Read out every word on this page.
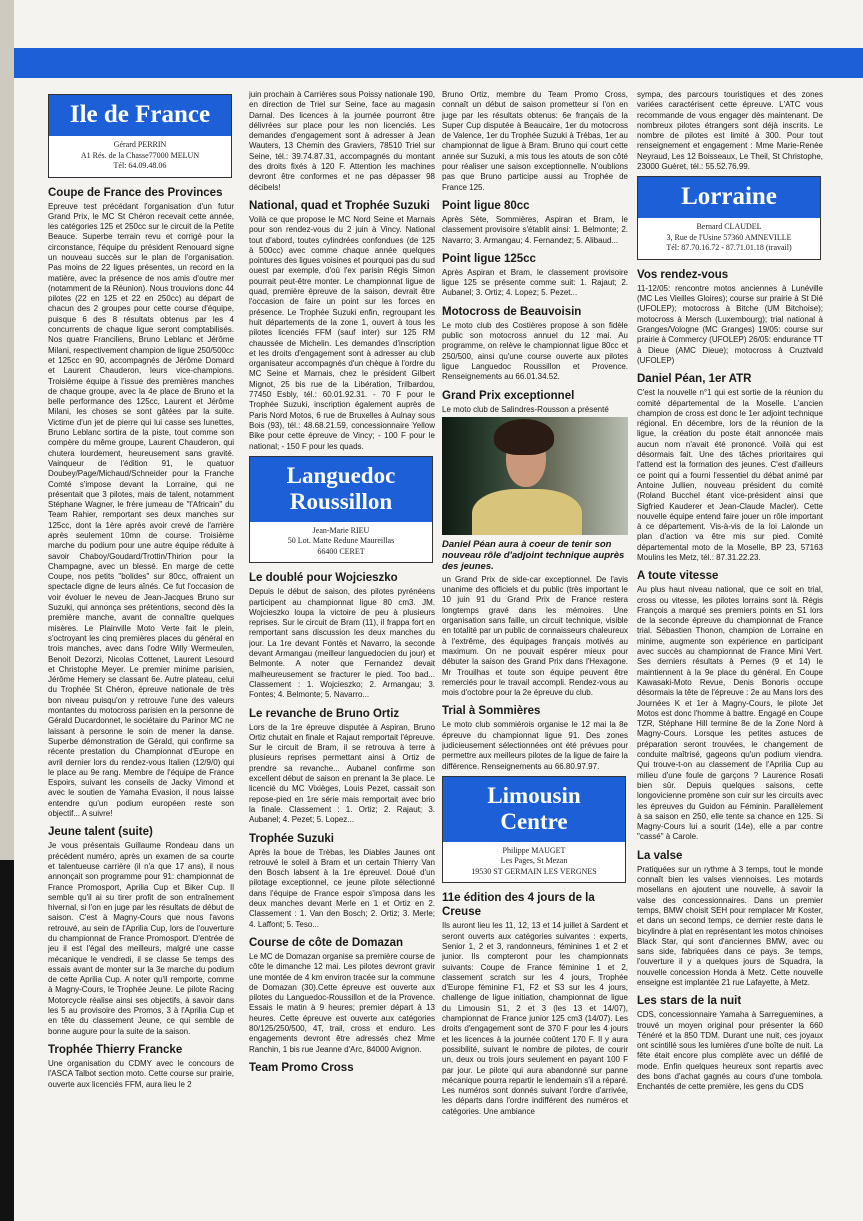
Ile de France
Gérard PERRIN
A1 Rés. de la Chasse77000 MELUN
Tél: 64.09.48.06
Coupe de France des Provinces

Epreuve test précédant l'organisation d'un futur Grand Prix, le MC St Chéron recevait cette année, les catégories 125 et 250cc sur le circuit de la Petite Beauce. Superbe terrain revu et corrigé pour la circonstance, l'équipe du président Renouard signe un nouveau succès sur le plan de l'organisation. Pas moins de 22 ligues présentes, un record en la matière, avec la présence de nos amis d'outre mer (notamment de la Réunion). Nous trouvions donc 44 pilotes (22 en 125 et 22 en 250cc) au départ de chacun des 2 groupes pour cette course d'équipe, puisque 6 des 8 résultats obtenus par les 4 concurrents de chaque ligue seront comptabilisés. Nos quatre Franciliens, Bruno Leblanc et Jérôme Milani, respectivement champion de ligue 250/500cc et 125cc en 90, accompagnés de Jérôme Domard et Laurent Chauderon, leurs vice-champions. Troisième équipe à l'issue des premières manches de chaque groupe, avec la 4e place de Bruno et la belle performance des 125cc, Laurent et Jérôme Milani, les choses se sont gâtées par la suite. Victime d'un jet de pierre qui lui casse ses lunettes, Bruno Leblanc sortira de la piste, tout comme son compère du même groupe, Laurent Chauderon, qui chutera lourdement, heureusement sans gravité. Vainqueur de l'édition 91, le quatuor Doubey/Page/Michaud/Schneider pour la Franche Comté s'impose devant la Lorraine, qui ne présentait que 3 pilotes, mais de talent, notamment Stéphane Wagner, le frère jumeau de "l'Africain" du Team Rahier, remportant ses deux manches sur 125cc, dont la 1ère après avoir crevé de l'arrière après seulement 10mn de course. Troisième marche du podium pour une autre équipe réduite à savoir Chaboy/Goudard/Trottin/Thirion pour la Champagne, avec un blessé. En marge de cette Coupe, nos petits "bolides" sur 80cc, offraient un spectacle digne de leurs aînés. Ce fut l'occasion de voir évoluer le neveu de Jean-Jacques Bruno sur Suzuki, qui annonça ses prétentions, second dès la première manche, avant de connaître quelques misères. Le Plainville Moto Verte fait le plein, s'octroyant les cinq premières places du général en trois manches, avec dans l'odre Willy Wermeulen, Benoit Dezorzi, Nicolas Cottenet, Laurent Lesourd et Christophe Meyer. Le premier minime parisien, Jérôme Hemery se classant 6e. Autre plateau, celui du Trophée St Chéron, épreuve nationale de très bon niveau puisqu'on y retrouve l'une des valeurs montantes du motocross parisien en la personne de Gérald Ducardonnet, le sociétaire du Parinor MC ne laissant à personne le soin de mener la danse. Superbe démonstration de Gérald, qui confirme sa récente prestation du Championnat d'Europe en avril dernier lors du rendez-vous Italien (12/9/0) qui le place au 9e rang. Membre de l'équipe de France Espoirs, suivant les conseils de Jacky Vimond et avec le soutien de Yamaha Evasion, il nous laisse entendre qu'un podium européen reste son objectif... A suivre!

Jeune talent (suite)

Je vous présentais Guillaume Rondeau dans un précédent numéro, après un examen de sa courte et talentueuse carrière (il n'a que 17 ans), il nous annonçait son programme pour 91: championnat de France Promosport, Aprilia Cup et Biker Cup. Il semble qu'il ai su tirer profit de son entraînement hivernal, si l'on en juge par les résultats de début de saison. C'est à Magny-Cours que nous l'avons retrouvé, au sein de l'Aprilia Cup, lors de l'ouverture du championnat de France Promosport. D'entrée de jeu il est l'égal des meilleurs, malgré une casse mécanique le vendredi, il se classe 5e temps des essais avant de monter sur la 3e marche du podium de cette Aprilia Cup. A noter qu'il remporte, comme à Magny-Cours, le Trophée Jeune. Le pilote Racing Motorcycle réalise ainsi ses objectifs, à savoir dans les 5 au provisoire des Promos, 3 à l'Aprilia Cup et en tête du classement Jeune, ce qui semble de bonne augure pour la suite de la saison.

Trophée Thierry Francke

Une organisation du CDMY avec le concours de l'ASCA Talbot section moto. Cette course sur prairie, ouverte aux licenciés FFM, aura lieu le 2

juin prochain à Carrières sous Poissy nationale 190, en direction de Triel sur Seine, face au magasin Darnal. Des licences à la journée pourront être délivrées sur place pour les non licenciés. Les demandes d'engagement sont à adresser à Jean Wauters, 13 Chemin des Graviers, 78510 Triel sur Seine, tél.: 39.74.87.31, accompagnés du montant des droits fixés à 120 F. Attention les machines devront être conformes et ne pas dépasser 98 décibels!

National, quad et Trophée Suzuki

Voilà ce que propose le MC Nord Seine et Marnais pour son rendez-vous du 2 juin à Vincy. National tout d'abord, toutes cylindrées confondues (de 125 à 500cc) avec comme chaque année quelques pointures des ligues voisines et pourquoi pas du sud ouest par exemple, d'où l'ex parisin Régis Simon pourrait peut-être monter. Le championnat ligue de quad, première épreuve de la saison, devrait être l'occasion de faire un point sur les forces en présence. Le Trophée Suzuki enfin, regroupant les huit départements de la zone 1, ouvert à tous les pilotes licenciés FFM (sauf inter) sur 125 RM chaussée de Michelin. Les demandes d'inscription et les droits d'engagement sont à adresser au club organisateur accompagnés d'un chèque à l'ordre du MC Seine et Marnais, chez le président Gilbert Mignot, 25 bis rue de la Libération, Trilbardou, 77450 Esbly, tél.: 60.01.92.31. - 70 F pour le Trophée Suzuki, inscription également auprès de Paris Nord Motos, 6 rue de Bruxelles à Aulnay sous Bois (93), tél.: 48.68.21.59, concessionnaire Yellow Bike pour cette épreuve de Vincy; - 100 F pour le national; - 150 F pour les quads.

Languedoc
Roussillon
Jean-Marie RIEU
50 Lot. Matte Redune Maureillas
66400 CERET
Le doublé pour Wojcieszko

Depuis le début de saison, des pilotes pyrénéens participent au championnat ligue 80 cm3. JM. Wojcieszko loupa la victoire de peu à plusieurs reprises. Sur le circuit de Bram (11), il frappa fort en remportant sans discussion les deux manches du jour. La 1re devant Fontès et Navarro, la seconde devant Armangau (meilleur languedocien du jour) et Belmonte. A noter que Fernandez devait malheureusement se fracturer le pied. Too bad... Classement : 1. Wojcieszko; 2. Armangau; 3. Fontes; 4. Belmonte; 5. Navarro...

Le revanche de Bruno Ortiz

Lors de la 1re épreuve disputée à Aspiran, Bruno Ortiz chutait en finale et Rajaut remportait l'épreuve. Sur le circuit de Bram, il se retrouva à terre à plusieurs reprises permettant ainsi à Ortiz de prendre sa revanche... Aubanel confirme son excellent début de saison en prenant la 3e place. Le licencié du MC Vixièges, Louis Pezet, cassait son repose-pied en 1re série mais remportait avec brio la finale. Classement : 1. Ortiz; 2. Rajaut; 3. Aubanel; 4. Pezet; 5. Lopez...

Trophée Suzuki

Après la boue de Trèbas, les Diables Jaunes ont retrouvé le soleil à Bram et un certain Thierry Van den Bosch labsent à la 1re épreuvel. Doué d'un pilotage exceptionnel, ce jeune pilote sélectionné dans l'équipe de France espoir s'imposa dans les deux manches devant Merle en 1 et Ortiz en 2. Classement : 1. Van den Bosch; 2. Ortiz; 3. Merle; 4. Laffont; 5. Teso...

Course de côte de Domazan

Le MC de Domazan organise sa première course de côte le dimanche 12 mai. Les pilotes devront gravir une montée de 4 km environ tracée sur la commune de Domazan (30).Cette épreuve est ouverte aux pilotes du Languedoc-Roussillon et de la Provence. Essais le matin à 9 heures; premier départ à 13 heures. Cette épreuve est ouverte aux catégories 80/125/250/500, 4T, trail, cross et enduro. Les engagements devront être adressés chez Mme Ranchin, 1 bis rue Jeanne d'Arc, 84000 Avignon.

Team Promo Cross

Bruno Ortiz, membre du Team Promo Cross, connaît un début de saison prometteur si l'on en juge par les résultats obtenus: 6e français de la Super Cup disputée à Beaucaire, 1er du motocross de Valence, 1er du Trophée Suzuki à Trébas, 1er au championnat de ligue à Bram. Bruno qui court cette année sur Suzuki, a mis tous les atouts de son côté pour réaliser une saison exceptionnelle. N'oublions pas que Bruno participe aussi au Trophée de France 125.

Point ligue 80cc

Après Sète, Sommières, Aspiran et Bram, le classement provisoire s'établit ainsi: 1. Belmonte; 2. Navarro; 3. Armangau; 4. Fernandez; 5. Alibaud...

Point ligue 125cc

Après Aspiran et Bram, le classement provisoire ligue 125 se présente comme suit: 1. Rajaut; 2. Aubanel; 3. Ortiz; 4. Lopez; 5. Pezet...

Motocross de Beauvoisin

Le moto club des Costières propose à son fidèle public son motocross annuel du 12 mai. Au programme, on relève le championnat ligue 80cc et 250/500, ainsi qu'une course ouverte aux pilotes ligue Languedoc Roussillon et Provence. Renseignements au 66.01.34.52.

Grand Prix exceptionnel

Le moto club de Salindres-Rousson a présenté

Daniel Péan aura à coeur de tenir son nouveau rôle d'adjoint technique auprès des jeunes.

un Grand Prix de side-car exceptionnel. De l'avis unanime des officiels et du public (très important le 10 juin 91 du Grand Prix de France restera longtemps gravé dans les mémoires. Une organisation sans faille, un circuit technique, visible en totalité par un public de connaisseurs chaleureux à l'extrême, des équipages français motivés au maximum. On ne pouvait espérer mieux pour débuter la saison des Grand Prix dans l'Hexagone. Mr Trouilhas et toute son équipe peuvent être remerciés pour le travail accompli. Rendez-vous au mois d'octobre pour la 2e épreuve du club.

Trial à Sommières

Le moto club sommiérois organise le 12 mai la 8e épreuve du championnat ligue 91. Des zones judicieusement sélectionnées ont été prévues pour permettre aux meilleurs pilotes de la ligue de faire la différence. Renseignements au 66.80.97.97.

Limousin
Centre
Philippe MAUGET
Les Pages, St Mezan
19530 ST GERMAIN LES VERGNES
11e édition des 4 jours de la Creuse

Ils auront lieu les 11, 12, 13 et 14 juillet à Sardent et seront ouverts aux catégories suivantes : experts, Senior 1, 2 et 3, randonneurs, féminines 1 et 2 et junior. Ils compteront pour les championnats suivants: Coupe de France féminine 1 et 2, classement scratch sur les 4 jours, Trophée d'Europe féminine F1, F2 et S3 sur les 4 jours, challenge de ligue initiation, championnat de ligue du Limousin S1, 2 et 3 (les 13 et 14/07), championnat de France junior 125 cm3 (14/07). Les droits d'engagement sont de 370 F pour les 4 jours et les licences à la journée coûtent 170 F. Il y aura possibilité, suivant le nombre de pilotes, de courir un, deux ou trois jours seulement en payant 100 F par jour. Le pilote qui aura abandonné sur panne mécanique pourra repartir le lendemain s'il a réparé. Les numéros sont donnés suivant l'ordre d'arrivée, les départs dans l'ordre indifférent des numéros et catégories. Une ambiance

sympa, des parcours touristiques et des zones variées caractérisent cette épreuve. L'ATC vous recommande de vous engager dès maintenant. De nombreux pilotes étrangers sont déjà inscrits. Le nombre de pilotes est limité à 300. Pour tout renseignement et engagement : Mme Marie-Renée Neyraud, Les 12 Boisseaux, Le Theil, St Christophe, 23000 Guéret, tél.: 55.52.76.99.

Lorraine
Bernard CLAUDEL
3, Rue de l'Usine 57360 AMNEVILLE
Tél: 87.70.16.72 - 87.71.01.18 (travail)
Vos rendez-vous

11-12/05: rencontre motos anciennes à Lunéville (MC Les Vieilles Gloires); course sur prairie à St Dié (UFOLEP); motocross à Bitche (UM Bitchoise); motocross à Mersch (Luxembourg); trial national à Granges/Vologne (MC Granges) 19/05: course sur prairie à Commercy (UFOLEP) 26/05: endurance TT à Dieue (AMC Dieue); motocross à Cruztvald (UFOLEP)

Daniel Péan, 1er ATR

C'est la nouvelle n°1 qui est sortie de la réunion du comité départemental de la Moselle. L'ancien champion de cross est donc le 1er adjoint technique régional. En décembre, lors de la réunion de la ligue, la création du poste était annoncée mais aucun nom n'avait été prononcé. Voilà qui est désormais fait. Une des tâches prioritaires qui l'attend est la formation des jeunes. C'est d'ailleurs ce point qui a fourni l'essentiel du débat animé par Antoine Jullien, nouveau président du comité (Roland Bucchel étant vice-président ainsi que Sigfried Kauderer et Jean-Claude Macler). Cette nouvelle équipe entend faire jouer un rôle important à ce département. Vis-à-vis de la loi Lalonde un plan d'action va être mis sur pied. Comité départemental moto de la Moselle, BP 23, 57163 Moulins les Metz, tél.: 87.31.22.23.

A toute vitesse

Au plus haut niveau national, que ce soit en trial, cross ou vitesse, les pilotes lorrains sont là. Régis François a marqué ses premiers points en S1 lors de la seconde épreuve du championnat de France trial. Sébastien Thonon, champion de Lorraine en minime, augmente son expérience en participant avec succès au championnat de France Mini Vert. Ses derniers résultats à Pernes (9 et 14) le maintiennent à la 9e place du général. En Coupe Kawasaki-Moto Revue, Denis Bonoris occupe désormais la tête de l'épreuve : 2e au Mans lors des Journées K et 1er à Magny-Cours, le pilote Jet Motos est donc l'homme à battre. Engagé en Coupe TZR, Stéphane Hill termine 8e de la Zone Nord à Magny-Cours. Lorsque les petites astuces de préparation seront trouvées, le changement de conduite maîtrisé, gageons qu'un podium viendra. Qui trouve-t-on au classement de l'Aprilia Cup au milieu d'une foule de garçons ? Laurence Rosati bien sûr. Depuis quelques saisons, cette longovicienne promène son cuir sur les circuits avec les épreuves du Guidon au Féminin. Parallèlement à sa saison en 250, elle tente sa chance en 125. Si Magny-Cours lui a sourit (14e), elle a par contre "cassé" à Carole.

La valse

Pratiquées sur un rythme à 3 temps, tout le monde connaît bien les valses viennoises. Les motards mosellans en ajoutent une nouvelle, à savoir la valse des concessionnaires. Dans un premier temps, BMW choisit SEH pour remplacer Mr Koster, et dans un second temps, ce dernier reste dans le bicylindre à plat en représentant les motos chinoises Black Star, qui sont d'anciennes BMW, avec ou sans side, fabriquées dans ce pays. 3e temps, l'ouverture il y a quelques jours de Squadra, la nouvelle concession Honda à Metz. Cette nouvelle enseigne est implantée 21 rue Lafayette, à Metz.

Les stars de la nuit

CDS, concessionnaire Yamaha à Sarreguemines, a trouvé un moyen original pour présenter la 660 Ténéré et la 850 TDM. Durant une nuit, ces joyaux ont scintillé sous les lumières d'une boîte de nuit. La fête était encore plus complète avec un défilé de mode. Enfin quelques heureux sont repartis avec des bons d'achat gagnés au cours d'une tombola. Enchantés de cette première, les gens du CDS
